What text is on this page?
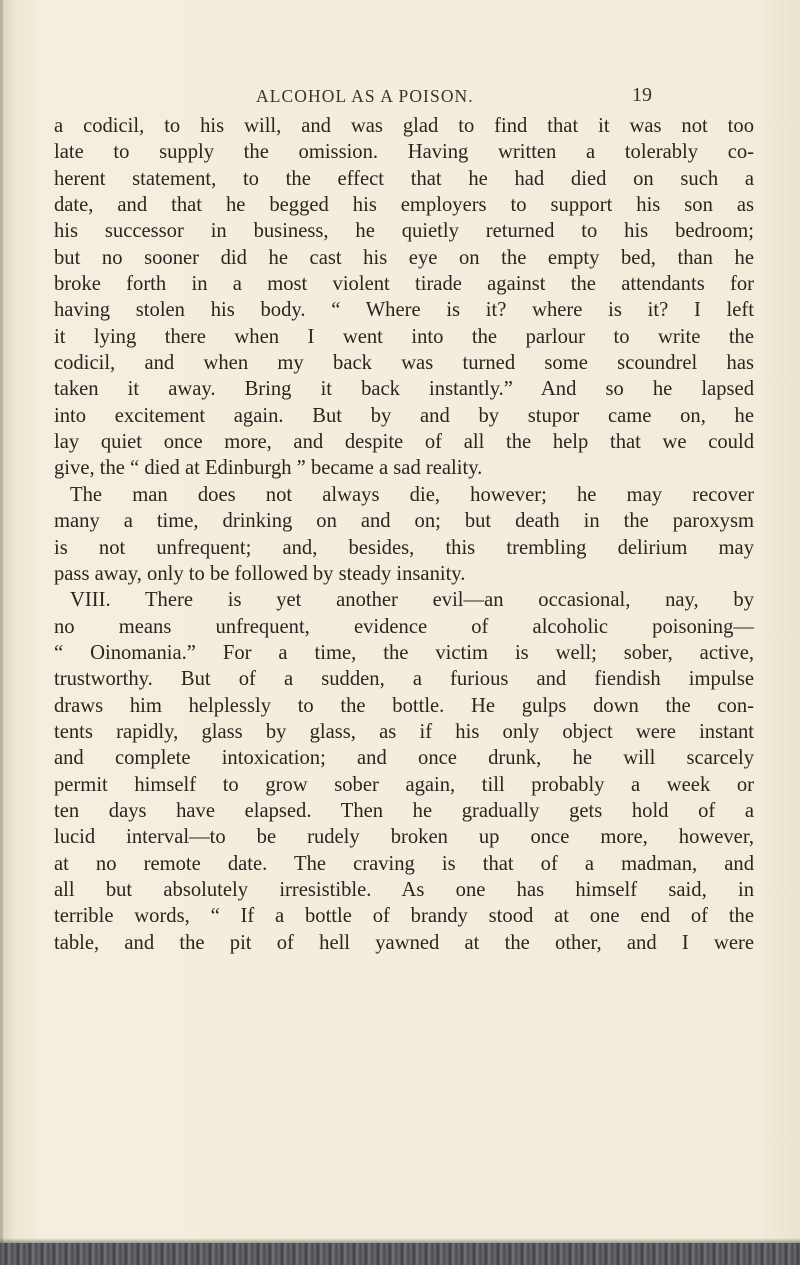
ALCOHOL AS A POISON.	19
a codicil, to his will, and was glad to find that it was not too
late to supply the omission. Having written a tolerably co-
herent statement, to the effect that he had died on such a
date, and that he begged his employers to support his son as
his successor in business, he quietly returned to his bedroom;
but no sooner did he cast his eye on the empty bed, than he
broke forth in a most violent tirade against the attendants for
having stolen his body. “ Where is it? where is it? I left
it lying there when I went into the parlour to write the
codicil, and when my back was turned some scoundrel has
taken it away. Bring it back instantly.” And so he lapsed
into excitement again. But by and by stupor came on, he
lay quiet once more, and despite of all the help that we could
give, the “ died at Edinburgh ” became a sad reality.
The man does not always die, however; he may recover
many a time, drinking on and on; but death in the paroxysm
is not unfrequent; and, besides, this trembling delirium may
pass away, only to be followed by steady insanity.
VIII. There is yet another evil—an occasional, nay, by
no means unfrequent, evidence of alcoholic poisoning—
“ Oinomania.” For a time, the victim is well; sober, active,
trustworthy. But of a sudden, a furious and fiendish impulse
draws him helplessly to the bottle. He gulps down the con-
tents rapidly, glass by glass, as if his only object were instant
and complete intoxication; and once drunk, he will scarcely
permit himself to grow sober again, till probably a week or
ten days have elapsed. Then he gradually gets hold of a
lucid interval—to be rudely broken up once more, however,
at no remote date. The craving is that of a madman, and
all but absolutely irresistible. As one has himself said, in
terrible words, “ If a bottle of brandy stood at one end of the
table, and the pit of hell yawned at the other, and I were
